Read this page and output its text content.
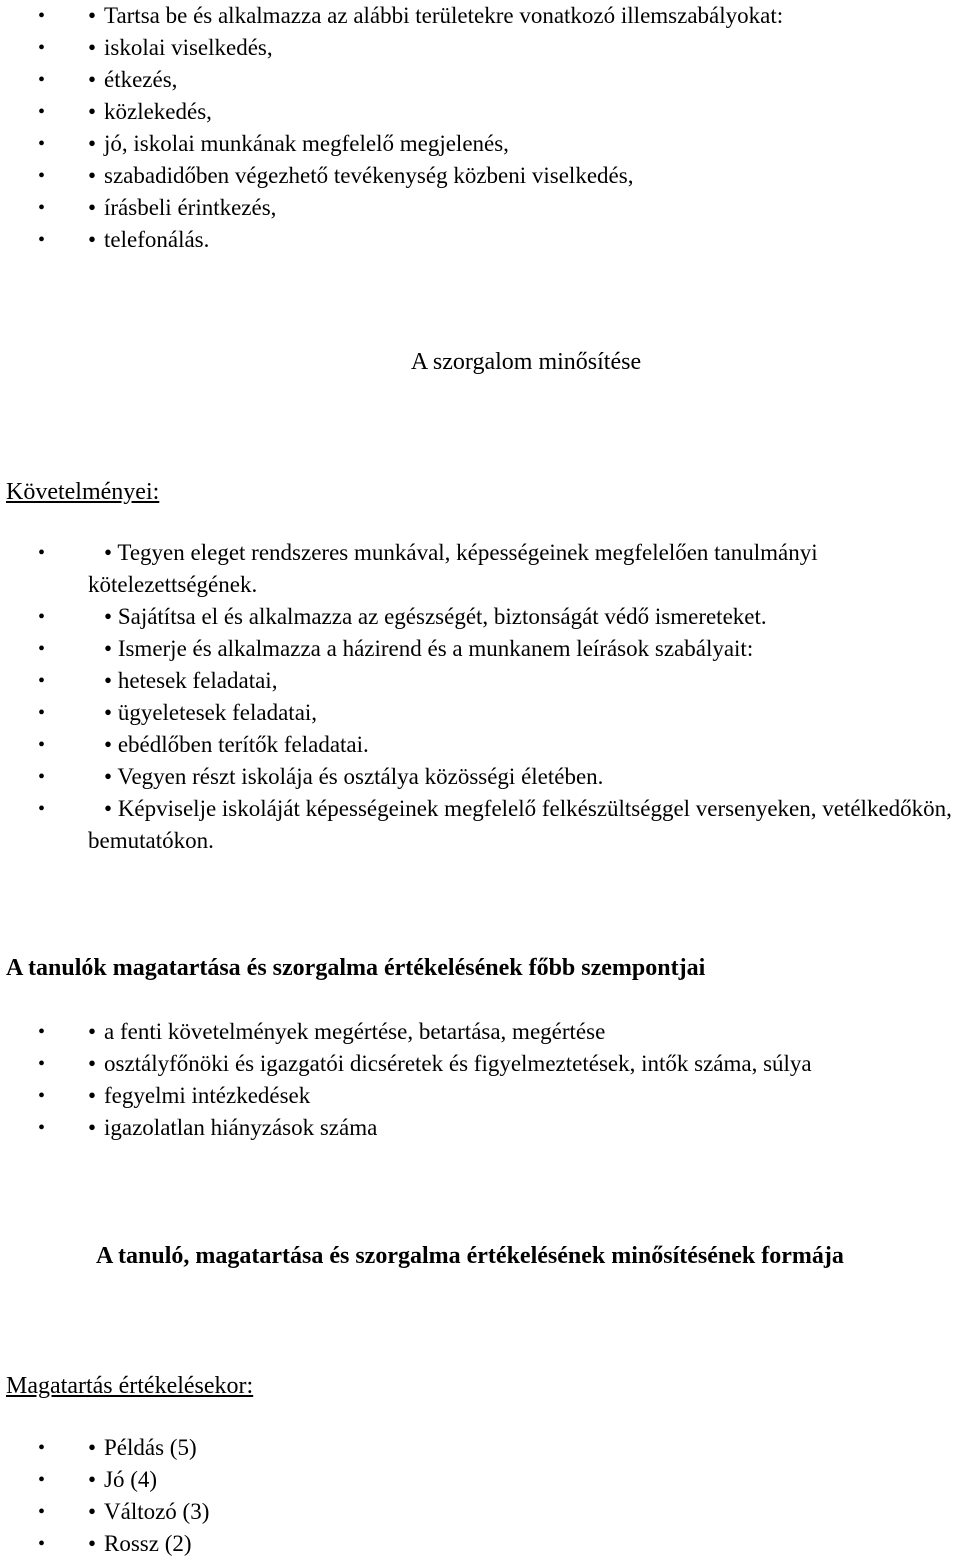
• • Tartsa be és alkalmazza az alábbi területekre vonatkozó illemszabályokat:
• • iskolai viselkedés,
• • étkezés,
• • közlekedés,
• • jó, iskolai munkának megfelelő megjelenés,
• • szabadidőben végezhető tevékenység közbeni viselkedés,
• • írásbeli érintkezés,
• • telefonálás.
A szorgalom minősítése
Követelményei:
•	• Tegyen eleget rendszeres munkával, képességeinek megfelelően tanulmányi kötelezettségének.
•	• Sajátítsa el és alkalmazza az egészségét, biztonságát védő ismereteket.
•	• Ismerje és alkalmazza a házirend és a munkanem leírások szabályait:
•	• hetesek feladatai,
•	• ügyeletesek feladatai,
•	• ebédlőben terítők feladatai.
•	• Vegyen részt iskolája és osztálya közösségi életében.
•	• Képviselje iskoláját képességeinek megfelelő felkészültséggel versenyeken, vetélkedőkön, bemutatókon.
A tanulók magatartása és szorgalma értékelésének főbb szempontjai
• • a fenti követelmények megértése, betartása, megértése
• • osztályfőnöki és igazgatói dicséretek és figyelmeztetések, intők száma, súlya
• • fegyelmi intézkedések
• • igazolatlan hiányzások száma
A tanuló, magatartása és szorgalma értékelésének minősítésének formája
Magatartás értékelésekor:
• • Példás (5)
• • Jó (4)
• • Változó (3)
• • Rossz (2)
